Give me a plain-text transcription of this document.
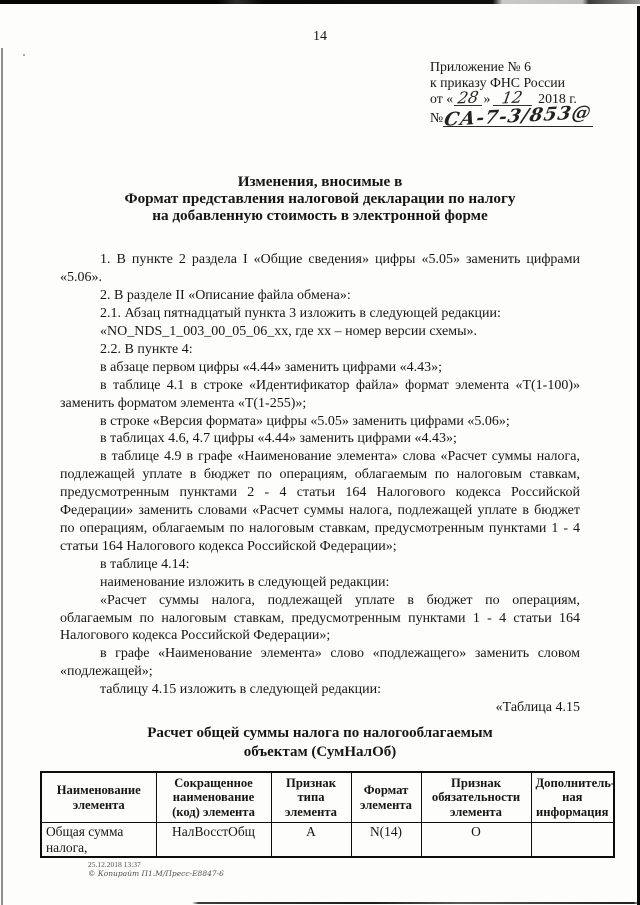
14
Приложение № 6
к приказу ФНС России
от « 28 » 12 2018 г.
№СА-7-3/853@
Изменения, вносимые в
Формат представления налоговой декларации по налогу
на добавленную стоимость в электронной форме

1. В пункте 2 раздела I «Общие сведения» цифры «5.05» заменить цифрами «5.06».

2. В разделе II «Описание файла обмена»:

2.1. Абзац пятнадцатый пункта 3 изложить в следующей редакции:

«NO_NDS_1_003_00_05_06_xx, где xx – номер версии схемы».

2.2. В пункте 4:

в абзаце первом цифры «4.44» заменить цифрами «4.43»;

в таблице 4.1 в строке «Идентификатор файла» формат элемента «Т(1-100)» заменить форматом элемента «Т(1-255)»;

в строке «Версия формата» цифры «5.05» заменить цифрами «5.06»;

в таблицах 4.6, 4.7 цифры «4.44» заменить цифрами «4.43»;

в таблице 4.9 в графе «Наименование элемента» слова «Расчет суммы налога, подлежащей уплате в бюджет по операциям, облагаемым по налоговым ставкам, предусмотренным пунктами 2 - 4 статьи 164 Налогового кодекса Российской Федерации» заменить словами «Расчет суммы налога, подлежащей уплате в бюджет по операциям, облагаемым по налоговым ставкам, предусмотренным пунктами 1 - 4 статьи 164 Налогового кодекса Российской Федерации»;

в таблице 4.14:

наименование изложить в следующей редакции:

«Расчет суммы налога, подлежащей уплате в бюджет по операциям, облагаемым по налоговым ставкам, предусмотренным пунктами 1 - 4 статьи 164 Налогового кодекса Российской Федерации»;

в графе «Наименование элемента» слово «подлежащего» заменить словом «подлежащей»;

таблицу 4.15 изложить в следующей редакции:

«Таблица 4.15
Расчет общей суммы налога по налогооблагаемым
объектам (СумНалОб)
Наименование элемента	Сокращенное наименование (код) элемента	Признак типа элемента	Формат элемента	Признак обязательности элемента	Дополнитель-ная информация
Общая сумма налога,	НалВосстОбщ	А	N(14)	О	
25.12.2018 13:37
© Копирайт П1.М/Пресс-Е8847-6
